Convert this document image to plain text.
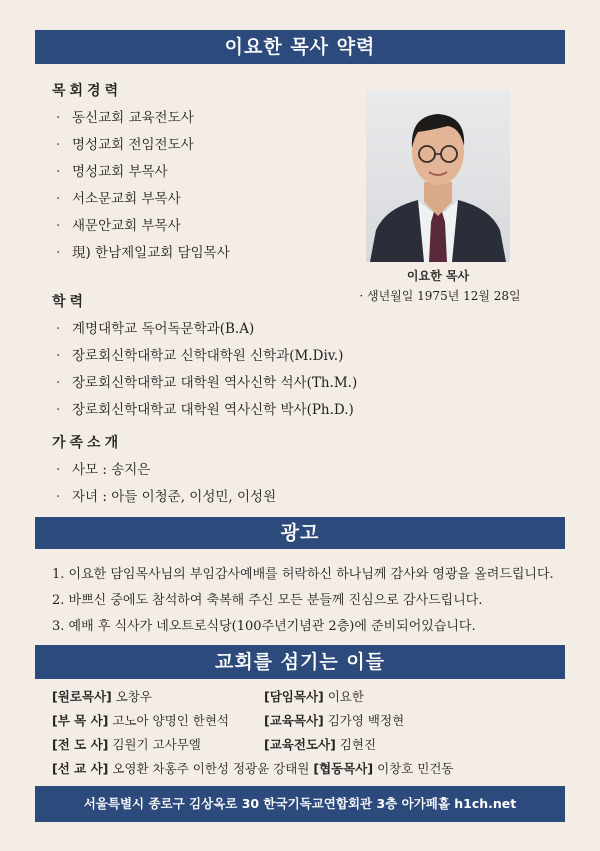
이요한 목사 약력
목회경력
· 동신교회 교육전도사
· 명성교회 전임전도사
· 명성교회 부목사
· 서소문교회 부목사
· 새문안교회 부목사
· 現) 한남제일교회 담임목사
이요한 목사
· 생년월일 1975년 12월 28일
학력
· 계명대학교 독어독문학과(B.A)
· 장로회신학대학교 신학대학원 신학과(M.Div.)
· 장로회신학대학교 대학원 역사신학 석사(Th.M.)
· 장로회신학대학교 대학원 역사신학 박사(Ph.D.)
가족소개
· 사모 : 송지은
· 자녀 : 아들 이청준, 이성민, 이성원
광고
1. 이요한 담임목사님의 부임감사예배를 허락하신 하나님께 감사와 영광을 올려드립니다.
2. 바쁘신 중에도 참석하여 축복해 주신 모든 분들께 진심으로 감사드립니다.
3. 예배 후 식사가 네오트로식당(100주년기념관 2층)에 준비되어있습니다.
교회를 섬기는 이들
[원로목사] 오창우	[담임목사] 이요한
[부 목 사] 고노아 양명인 한현석	[교육목사] 김가영 백정현
[전 도 사] 김원기 고사무엘	[교육전도사] 김현진
[선 교 사] 오영환 차홍주 이한성 정광윤 강태원 [협동목사] 이창호 민건동
서울특별시 종로구 김상옥로 30 한국기독교연합회관 3층 아가페홀 h1ch.net
